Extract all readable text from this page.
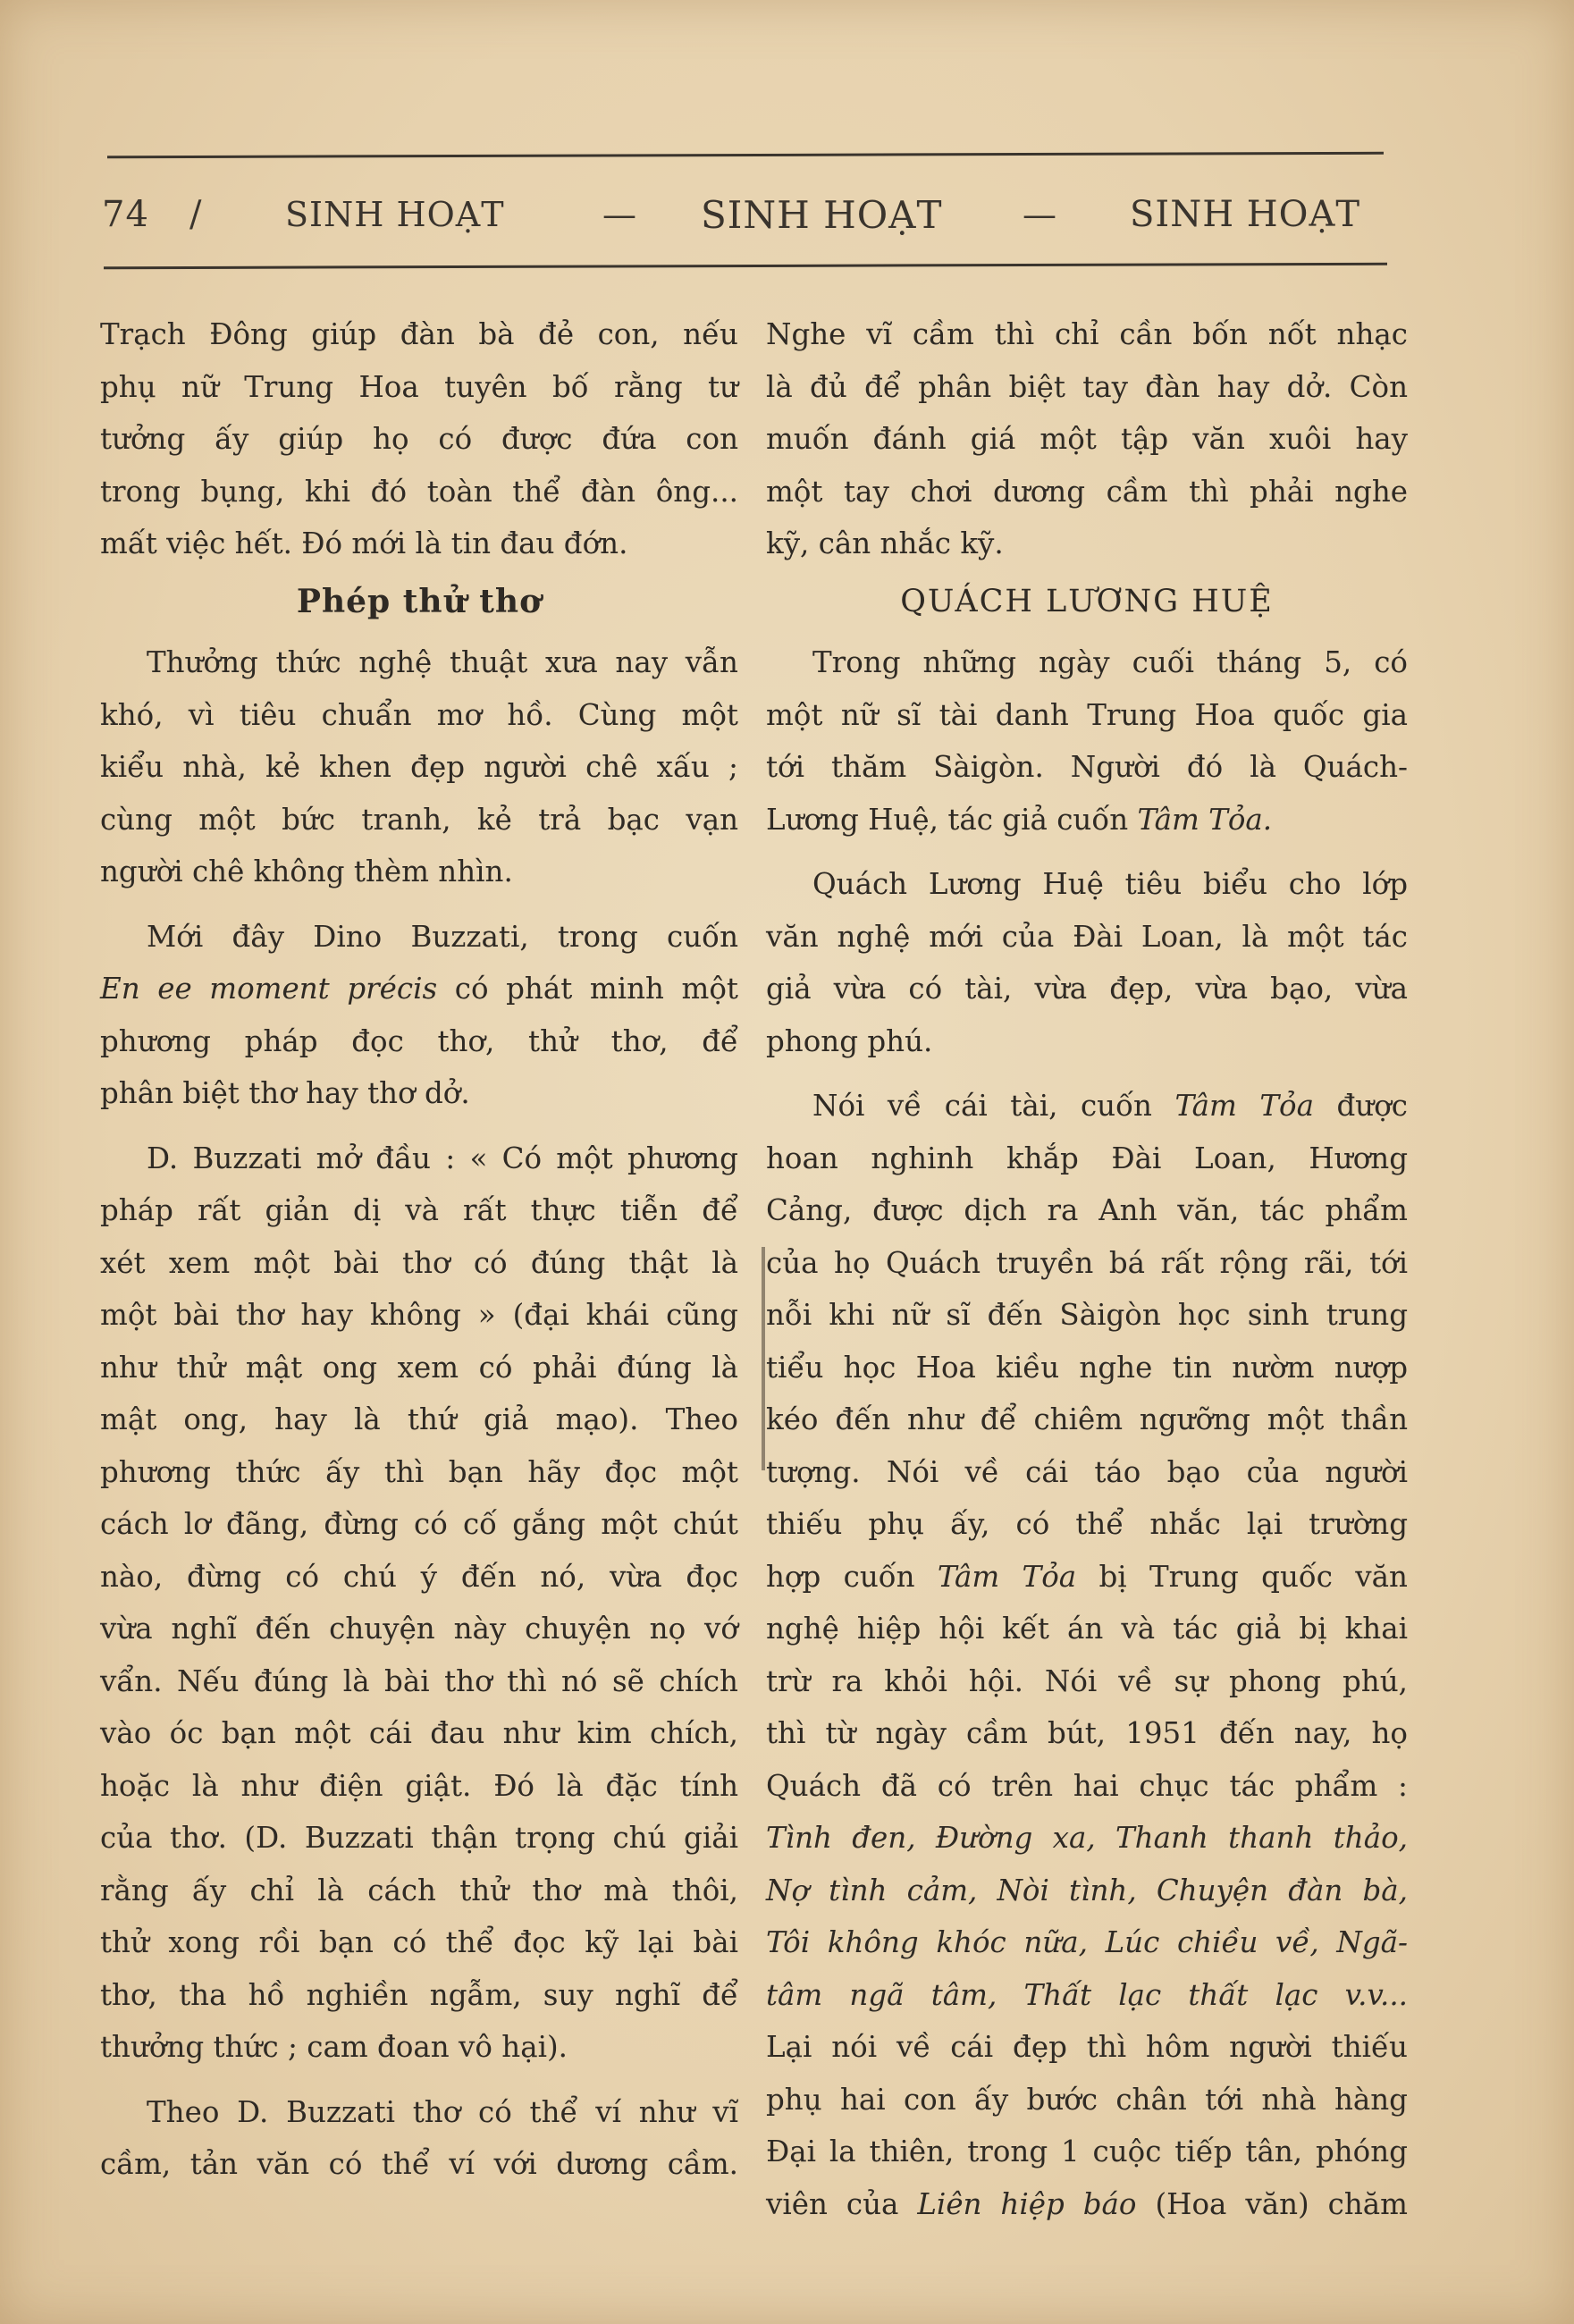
74 / SINH HOẠT	— SINH HOẠT — SINH HOẠT

Trạch Đông giúp đàn bà đẻ con, nếu
phụ nữ Trung Hoa tuyên bố rằng tư
tưởng ấy giúp họ có được đứa con
trong bụng, khi đó toàn thể đàn ông...
mất việc hết. Đó mới là tin đau đớn.

Phép thử thơ

Thưởng thức nghệ thuật xưa nay vẫn
khó, vì tiêu chuẩn mơ hồ. Cùng một
kiểu nhà, kẻ khen đẹp người chê xấu ;
cùng một bức tranh, kẻ trả bạc vạn
người chê không thèm nhìn.

Mới đây Dino Buzzati, trong cuốn
En ee moment précis có phát minh một
phương pháp đọc thơ, thử thơ, để
phân biệt thơ hay thơ dở.

D. Buzzati mở đầu : « Có một phương
pháp rất giản dị và rất thực tiễn để
xét xem một bài thơ có đúng thật là
một bài thơ hay không » (đại khái cũng
như thử mật ong xem có phải đúng là
mật ong, hay là thứ giả mạo). Theo
phương thức ấy thì bạn hãy đọc một
cách lơ đãng, đừng có cố gắng một chút
nào, đừng có chú ý đến nó, vừa đọc
vừa nghĩ đến chuyện này chuyện nọ vớ
vẩn. Nếu đúng là bài thơ thì nó sẽ chích
vào óc bạn một cái đau như kim chích,
hoặc là như điện giật. Đó là đặc tính
của thơ. (D. Buzzati thận trọng chú giải
rằng ấy chỉ là cách thử thơ mà thôi,
thử xong rồi bạn có thể đọc kỹ lại bài
thơ, tha hồ nghiền ngẫm, suy nghĩ để
thưởng thức ; cam đoan vô hại).

Theo D. Buzzati thơ có thể ví như vĩ
cầm, tản văn có thể ví với dương cầm.

Nghe vĩ cầm thì chỉ cần bốn nốt nhạc
là đủ để phân biệt tay đàn hay dở. Còn
muốn đánh giá một tập văn xuôi hay
một tay chơi dương cầm thì phải nghe
kỹ, cân nhắc kỹ.

QUÁCH LƯƠNG HUỆ

Trong những ngày cuối tháng 5, có
một nữ sĩ tài danh Trung Hoa quốc gia
tới thăm Sàigòn. Người đó là Quách-
Lương Huệ, tác giả cuốn Tâm Tỏa.

Quách Lương Huệ tiêu biểu cho lớp
văn nghệ mới của Đài Loan, là một tác
giả vừa có tài, vừa đẹp, vừa bạo, vừa
phong phú.

Nói về cái tài, cuốn Tâm Tỏa được
hoan nghinh khắp Đài Loan, Hương
Cảng, được dịch ra Anh văn, tác phẩm
của họ Quách truyền bá rất rộng rãi, tới
nỗi khi nữ sĩ đến Sàigòn học sinh trung
tiểu học Hoa kiều nghe tin nườm nượp
kéo đến như để chiêm ngưỡng một thần
tượng. Nói về cái táo bạo của người
thiếu phụ ấy, có thể nhắc lại trường
hợp cuốn Tâm Tỏa bị Trung quốc văn
nghệ hiệp hội kết án và tác giả bị khai
trừ ra khỏi hội. Nói về sự phong phú,
thì từ ngày cầm bút, 1951 đến nay, họ
Quách đã có trên hai chục tác phẩm :
Tình đen, Đường xa, Thanh thanh thảo,
Nợ tình cảm, Nòi tình, Chuyện đàn bà,
Tôi không khóc nữa, Lúc chiều về, Ngã-
tâm ngã tâm, Thất lạc thất lạc v.v...
Lại nói về cái đẹp thì hôm người thiếu
phụ hai con ấy bước chân tới nhà hàng
Đại la thiên, trong 1 cuộc tiếp tân, phóng
viên của Liên hiệp báo (Hoa văn) chăm
